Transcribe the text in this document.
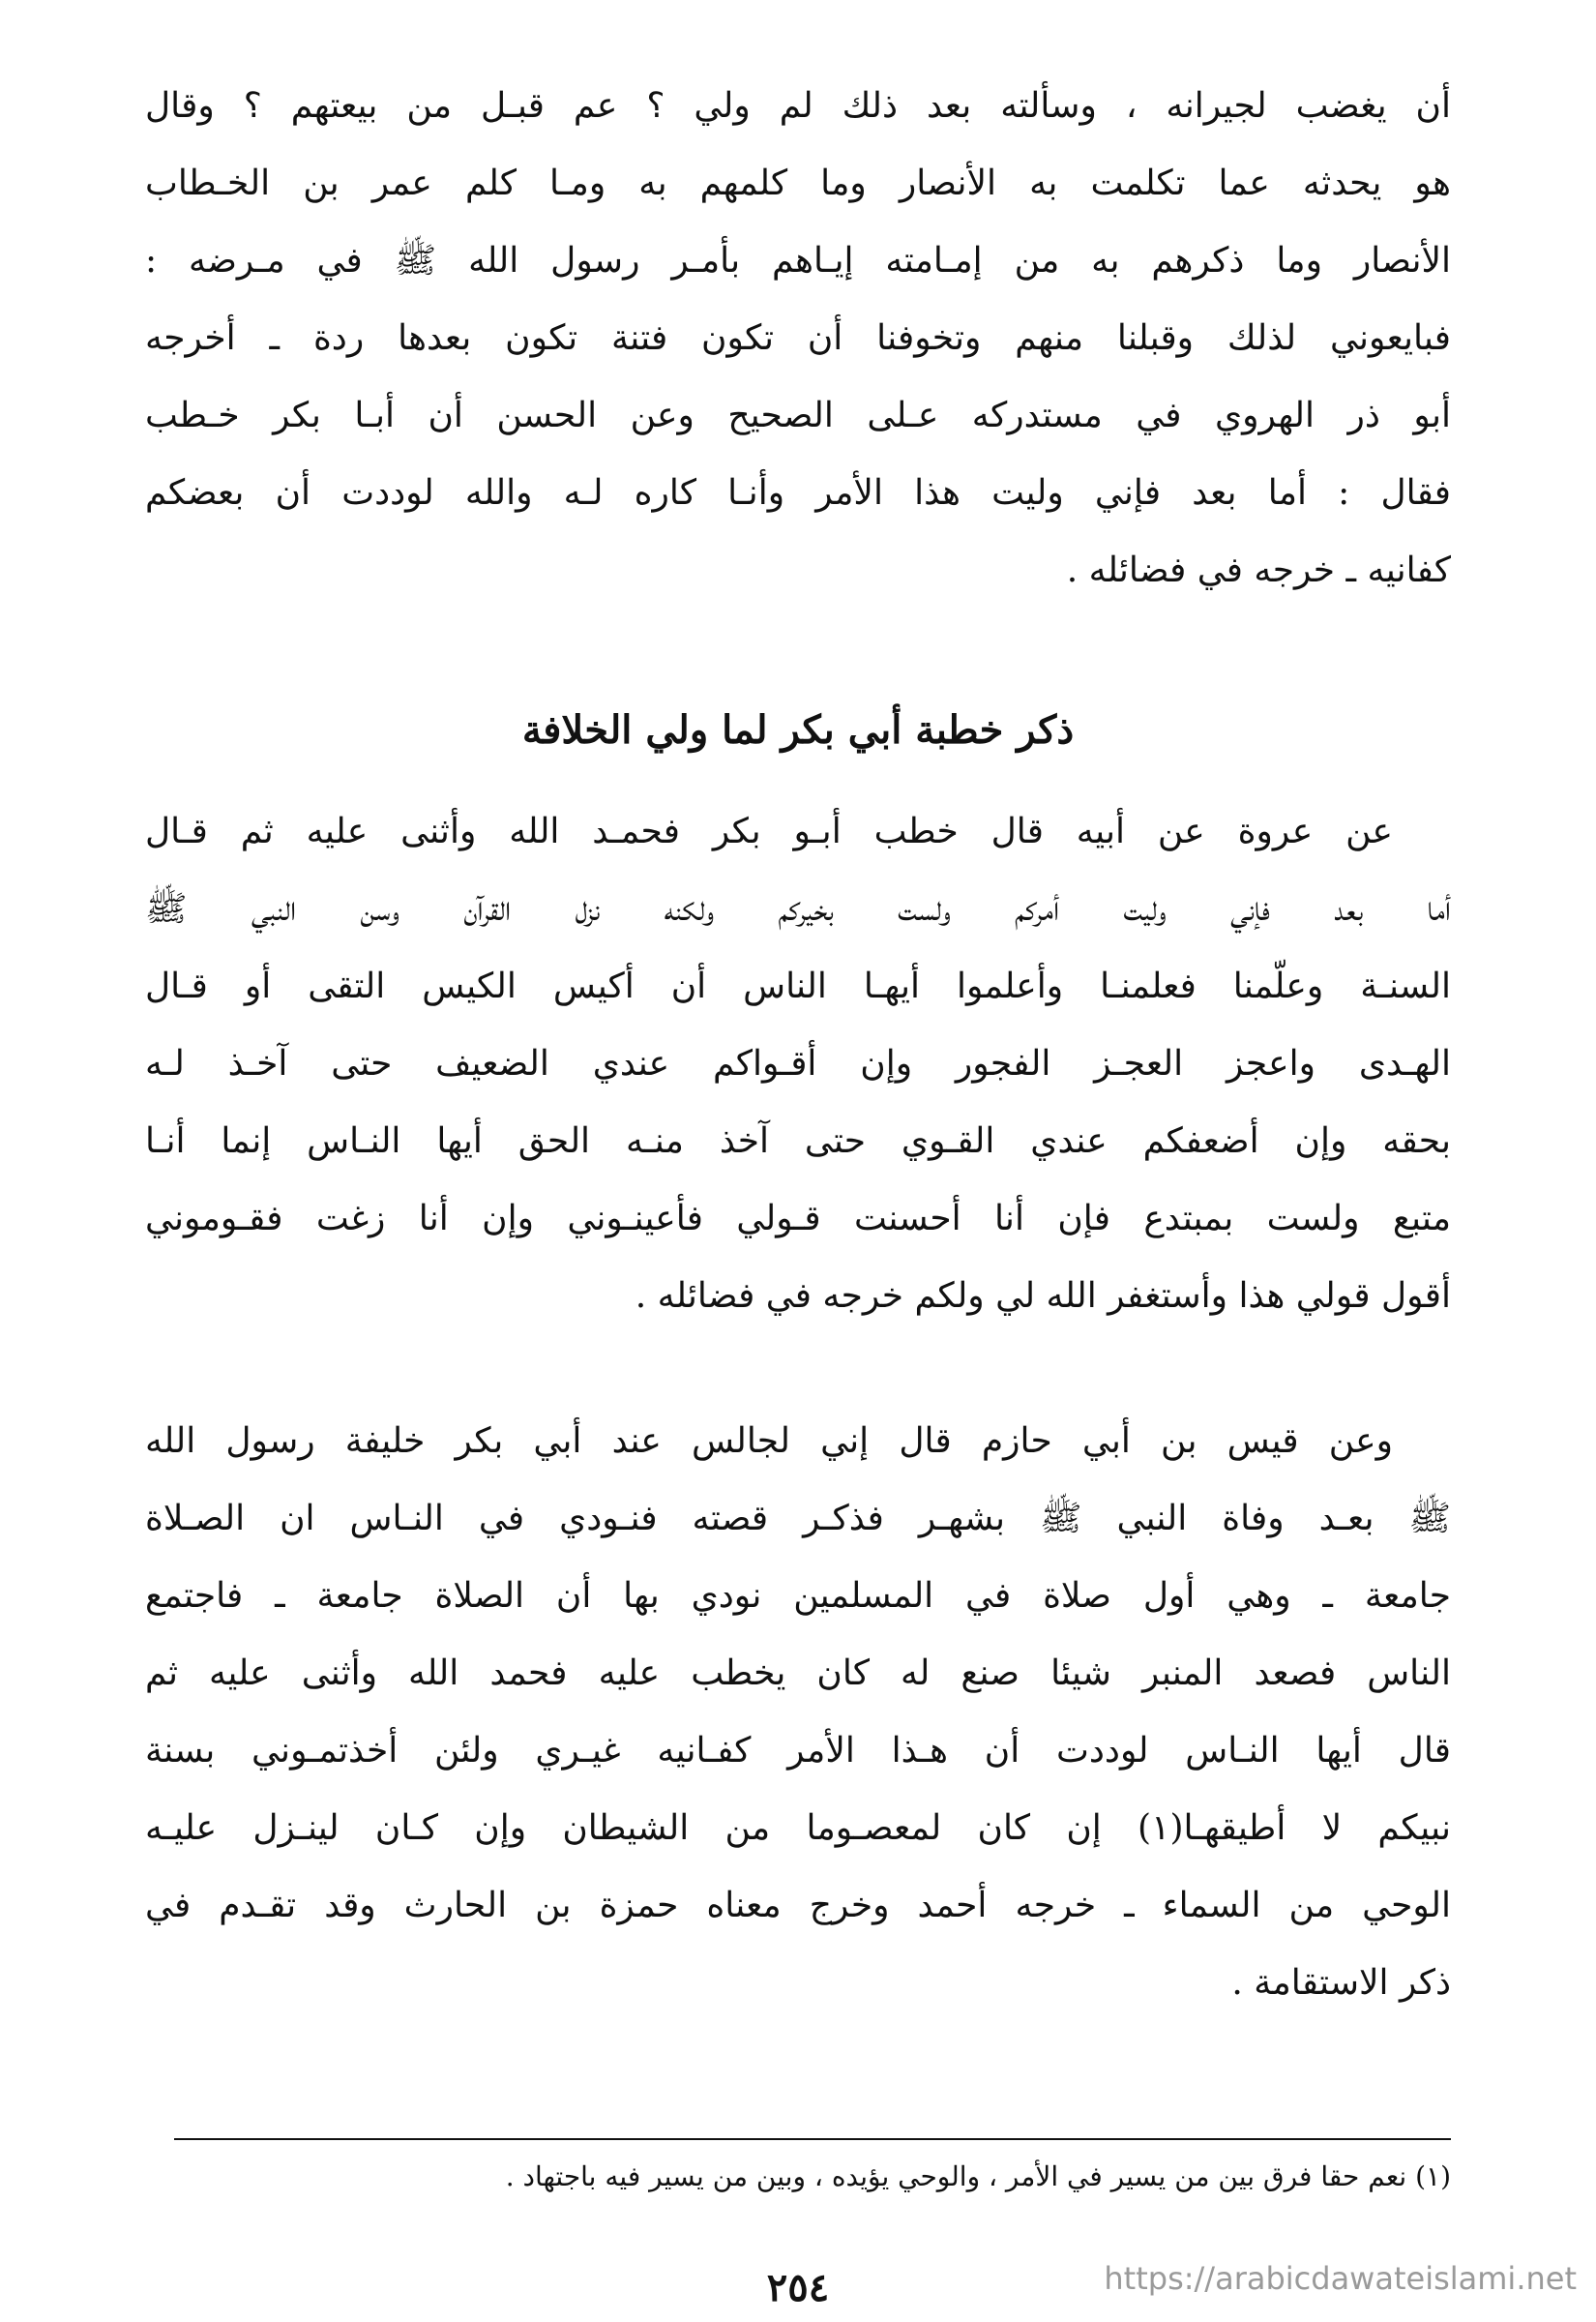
أن يغضب لجيرانه ، وسألته بعد ذلك لم ولي ؟ عم قبـل من بيعتهم ؟ وقال
هو يحدثه عما تكلمت به الأنصار وما كلمهم به ومـا كلم عمر بن الخـطاب
الأنصار وما ذكرهم به من إمـامته إيـاهم بأمـر رسول الله ﷺ في مـرضه :
فبايعوني لذلك وقبلنا منهم وتخوفنا أن تكون فتنة تكون بعدها ردة ـ أخرجه
أبو ذر الهروي في مستدركه عـلى الصحيح وعن الحسن أن أبـا بكر خـطب
فقال : أما بعد فإني وليت هذا الأمر وأنـا كاره لـه والله لوددت أن بعضكم
كفانيه ـ خرجه في فضائله .
ذكر خطبة أبي بكر لما ولي الخلافة
عن عروة عن أبيه قال خطب أبـو بكر فحمـد الله وأثنى عليه ثم قـال
أما بعد فإني وليت أمركم ولست بخيركم ولكنه نزل القرآن وسن النبي ﷺ
السنـة وعلّمنا فعلمنـا وأعلموا أيهـا الناس أن أكيس الكيس التقى أو قـال
الهـدى واعجز العجـز الفجور وإن أقـواكم عندي الضعيف حتى آخـذ لـه
بحقه وإن أضعفكم عندي القـوي حتى آخذ منـه الحق أيها النـاس إنما أنـا
متبع ولست بمبتدع فإن أنا أحسنت قـولي فأعينـوني وإن أنا زغت فقـوموني
أقول قولي هذا وأستغفر الله لي ولكم خرجه في فضائله .
وعن قيس بن أبي حازم قال إني لجالس عند أبي بكر خليفة رسول الله
ﷺ بعـد وفاة النبي ﷺ بشهـر فذكـر قصته فنـودي في النـاس ان الصـلاة
جامعة ـ وهي أول صلاة في المسلمين نودي بها أن الصلاة جامعة ـ فاجتمع
الناس فصعد المنبر شيئا صنع له كان يخطب عليه فحمد الله وأثنى عليه ثم
قال أيها النـاس لوددت أن هـذا الأمر كفـانيه غيـري ولئن أخذتمـوني بسنة
نبيكم لا أطيقهـا(١) إن كان لمعصـوما من الشيطان وإن كـان لينـزل عليـه
الوحي من السماء ـ خرجه أحمد وخرج معناه حمزة بن الحارث وقد تقـدم في
ذكر الاستقامة .
(١) نعم حقا فرق بين من يسير في الأمر ، والوحي يؤيده ، وبين من يسير فيه باجتهاد .
٢٥٤	https://arabicdawateislami.net
